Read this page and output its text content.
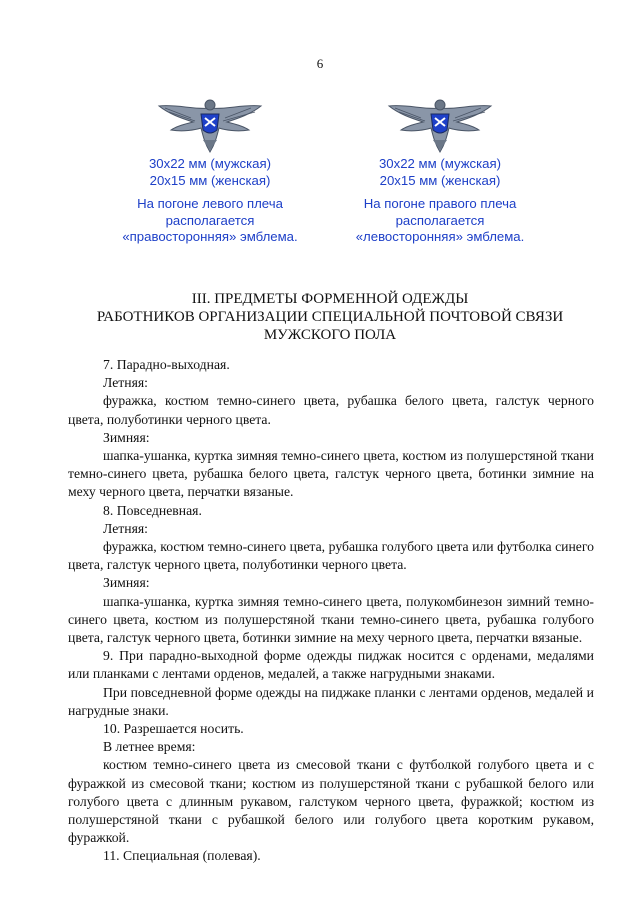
6
30x22 мм (мужская)
20x15 мм (женская)
На погоне левого плеча
располагается
«правосторонняя» эмблема.
30x22 мм (мужская)
20x15 мм (женская)
На погоне правого плеча
располагается
«левосторонняя» эмблема.
III. ПРЕДМЕТЫ ФОРМЕННОЙ ОДЕЖДЫ
РАБОТНИКОВ ОРГАНИЗАЦИИ СПЕЦИАЛЬНОЙ ПОЧТОВОЙ СВЯЗИ
МУЖСКОГО ПОЛА

7. Парадно-выходная.

Летняя:

фуражка, костюм темно-синего цвета, рубашка белого цвета, галстук черного цвета, полуботинки черного цвета.

Зимняя:

шапка-ушанка, куртка зимняя темно-синего цвета, костюм из полушерстяной ткани темно-синего цвета, рубашка белого цвета, галстук черного цвета, ботинки зимние на меху черного цвета, перчатки вязаные.

8. Повседневная.

Летняя:

фуражка, костюм темно-синего цвета, рубашка голубого цвета или футболка синего цвета, галстук черного цвета, полуботинки черного цвета.

Зимняя:

шапка-ушанка, куртка зимняя темно-синего цвета, полукомбинезон зимний темно-синего цвета, костюм из полушерстяной ткани темно-синего цвета, рубашка голубого цвета, галстук черного цвета, ботинки зимние на меху черного цвета, перчатки вязаные.

9. При парадно-выходной форме одежды пиджак носится с орденами, медалями или планками с лентами орденов, медалей, а также нагрудными знаками.

При повседневной форме одежды на пиджаке планки с лентами орденов, медалей и нагрудные знаки.

10. Разрешается носить.

В летнее время:

костюм темно-синего цвета из смесовой ткани с футболкой голубого цвета и с фуражкой из смесовой ткани; костюм из полушерстяной ткани с рубашкой белого или голубого цвета с длинным рукавом, галстуком черного цвета, фуражкой; костюм из полушерстяной ткани с рубашкой белого или голубого цвета коротким рукавом, фуражкой.

11. Специальная (полевая).
